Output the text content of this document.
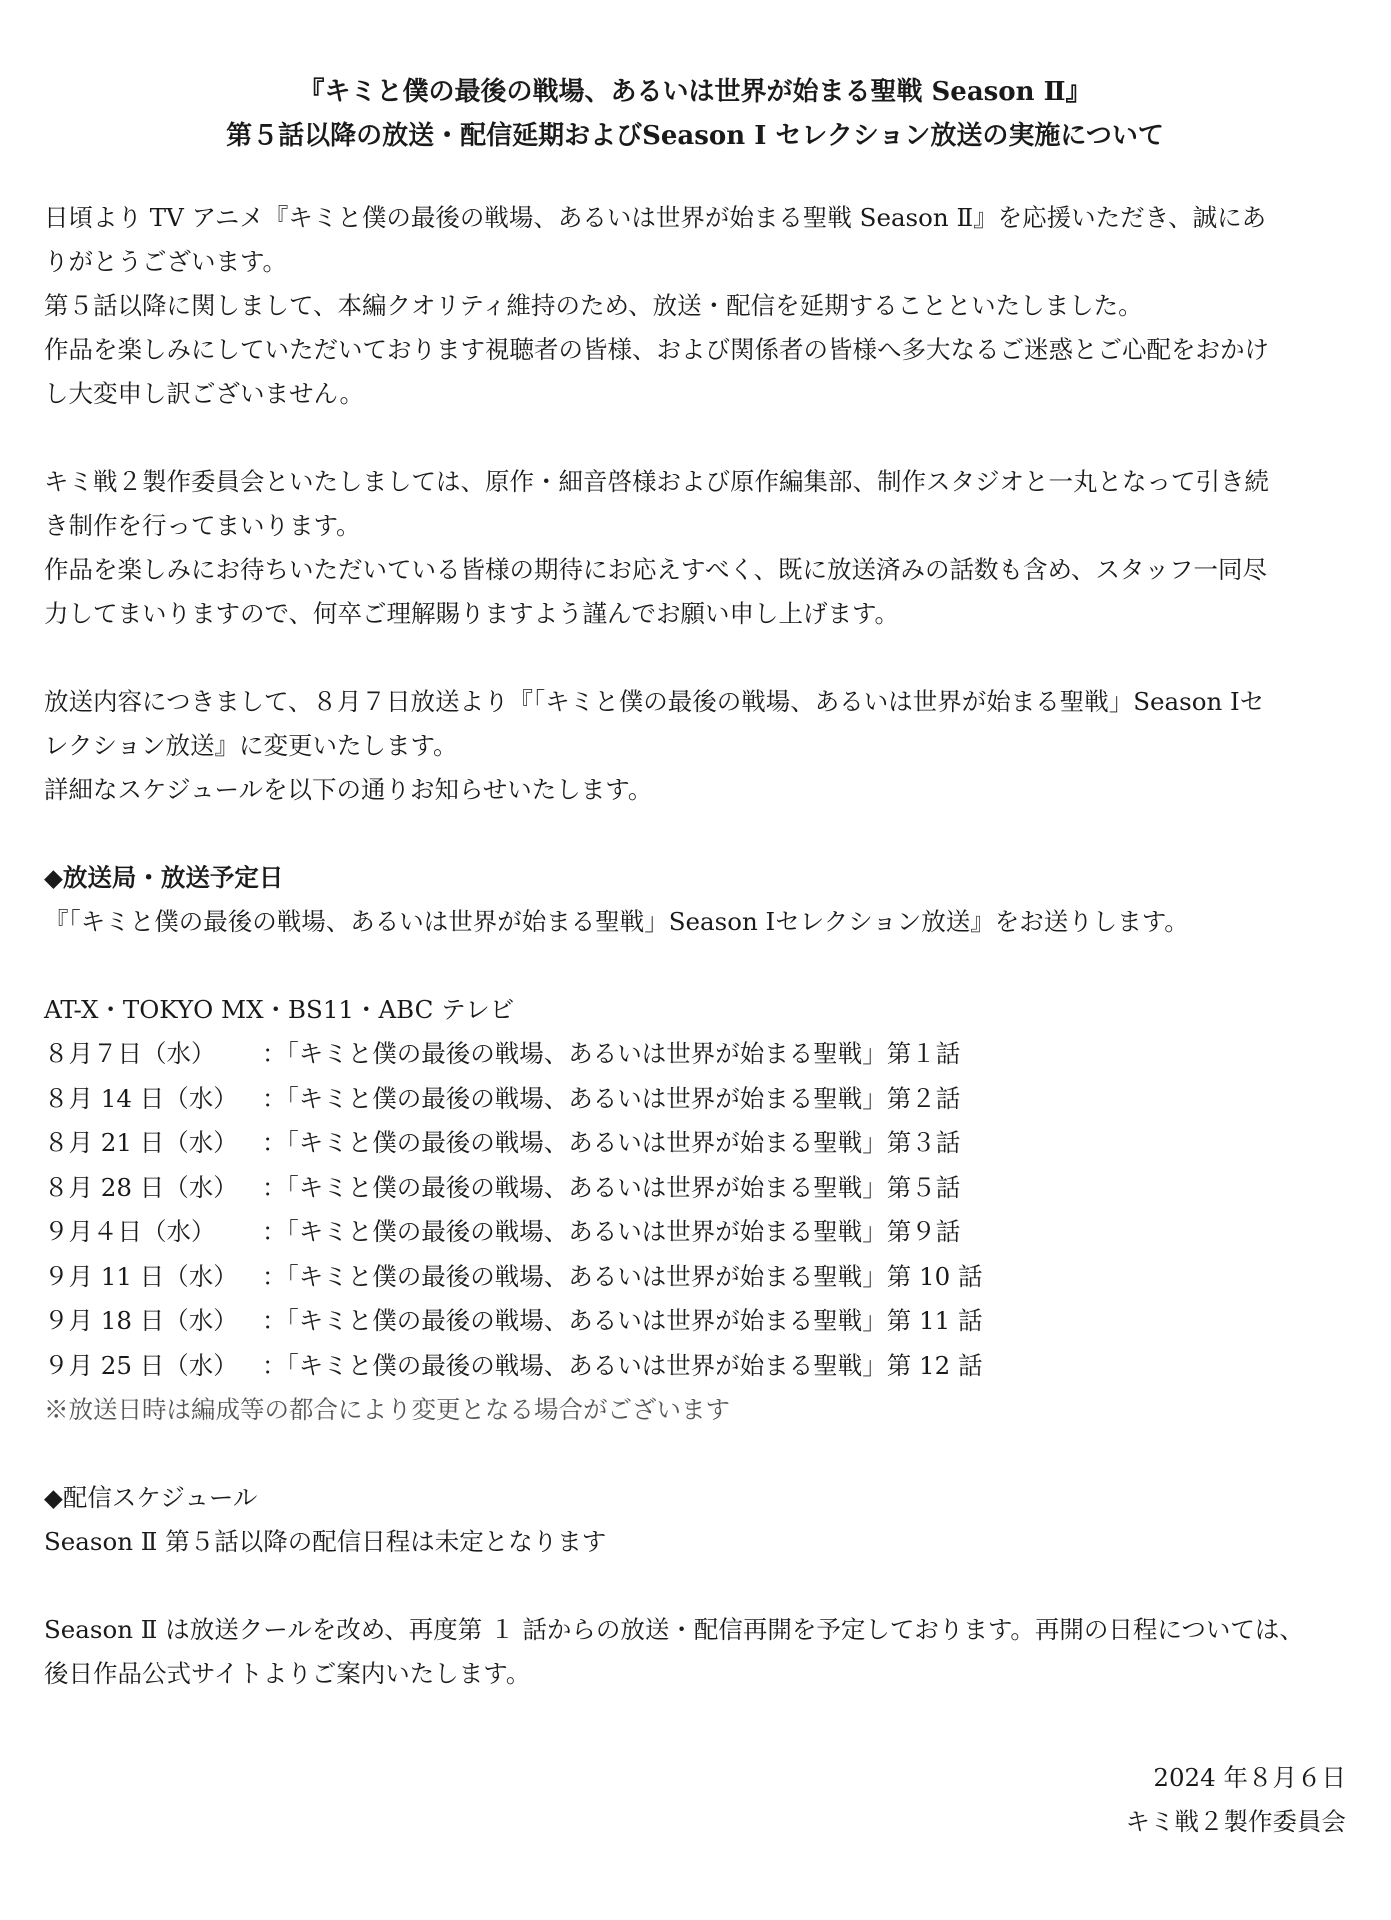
『キミと僕の最後の戦場、あるいは世界が始まる聖戦 Season Ⅱ』

第５話以降の放送・配信延期およびSeason Ⅰ セレクション放送の実施について

日頃より TV アニメ『キミと僕の最後の戦場、あるいは世界が始まる聖戦 Season Ⅱ』を応援いただき、誠にあ

りがとうございます。

第５話以降に関しまして、本編クオリティ維持のため、放送・配信を延期することといたしました。

作品を楽しみにしていただいております視聴者の皆様、および関係者の皆様へ多大なるご迷惑とご心配をおかけ

し大変申し訳ございません。

キミ戦２製作委員会といたしましては、原作・細音啓様および原作編集部、制作スタジオと一丸となって引き続

き制作を行ってまいります。

作品を楽しみにお待ちいただいている皆様の期待にお応えすべく、既に放送済みの話数も含め、スタッフ一同尽

力してまいりますので、何卒ご理解賜りますよう謹んでお願い申し上げます。

放送内容につきまして、８月７日放送より『「キミと僕の最後の戦場、あるいは世界が始まる聖戦」Season Ⅰセ

レクション放送』に変更いたします。

詳細なスケジュールを以下の通りお知らせいたします。

◆放送局・放送予定日

『「キミと僕の最後の戦場、あるいは世界が始まる聖戦」Season Ⅰセレクション放送』をお送りします。

AT-X・TOKYO MX・BS11・ABC テレビ

８月７日（水）	：「キミと僕の最後の戦場、あるいは世界が始まる聖戦」第１話
８月 14 日（水） ：「キミと僕の最後の戦場、あるいは世界が始まる聖戦」第２話
８月 21 日（水） ：「キミと僕の最後の戦場、あるいは世界が始まる聖戦」第３話
８月 28 日（水） ：「キミと僕の最後の戦場、あるいは世界が始まる聖戦」第５話
９月４日（水）	：「キミと僕の最後の戦場、あるいは世界が始まる聖戦」第９話
９月 11 日（水） ：「キミと僕の最後の戦場、あるいは世界が始まる聖戦」第 10 話
９月 18 日（水） ：「キミと僕の最後の戦場、あるいは世界が始まる聖戦」第 11 話
９月 25 日（水） ：「キミと僕の最後の戦場、あるいは世界が始まる聖戦」第 12 話

※放送日時は編成等の都合により変更となる場合がございます

◆配信スケジュール

Season Ⅱ 第５話以降の配信日程は未定となります

Season Ⅱ は放送クールを改め、再度第 １ 話からの放送・配信再開を予定しております。再開の日程については、

後日作品公式サイトよりご案内いたします。

2024 年８月６日
キミ戦２製作委員会
